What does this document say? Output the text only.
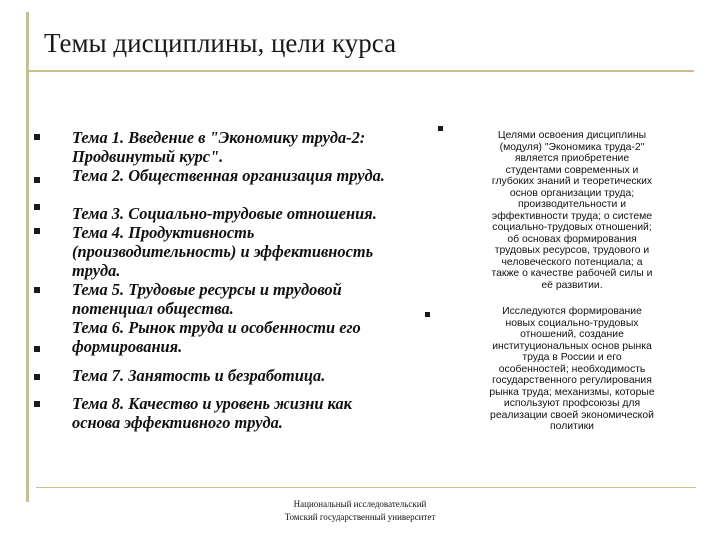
Темы дисциплины, цели курса
Тема 1. Введение в "Экономику труда-2:
Продвинутый курс".
Тема 2. Общественная организация труда.
Тема 3. Социально-трудовые отношения.
Тема 4. Продуктивность
(производительность) и эффективность
труда.
Тема 5. Трудовые ресурсы и трудовой
потенциал общества.
Тема 6. Рынок труда и особенности его
формирования.
Тема 7. Занятость и безработица.
Тема 8. Качество и уровень жизни как
основа эффективного труда.
Целями освоения дисциплины
(модуля) "Экономика труда-2"
является приобретение
студентами современных и
глубоких знаний и теоретических
основ организации труда;
производительности и
эффективности труда; о системе
социально-трудовых отношений;
об основах формирования
трудовых ресурсов, трудового и
человеческого потенциала; а
также о качестве рабочей силы и
её развитии.
Исследуются формирование
новых социально-трудовых
отношений, создание
институциональных основ рынка
труда в России и его
особенностей; необходимость
государственного регулирования
рынка труда; механизмы, которые
используют профсоюзы для
реализации своей экономической
политики
Национальный исследовательский
Томский государственный университет
